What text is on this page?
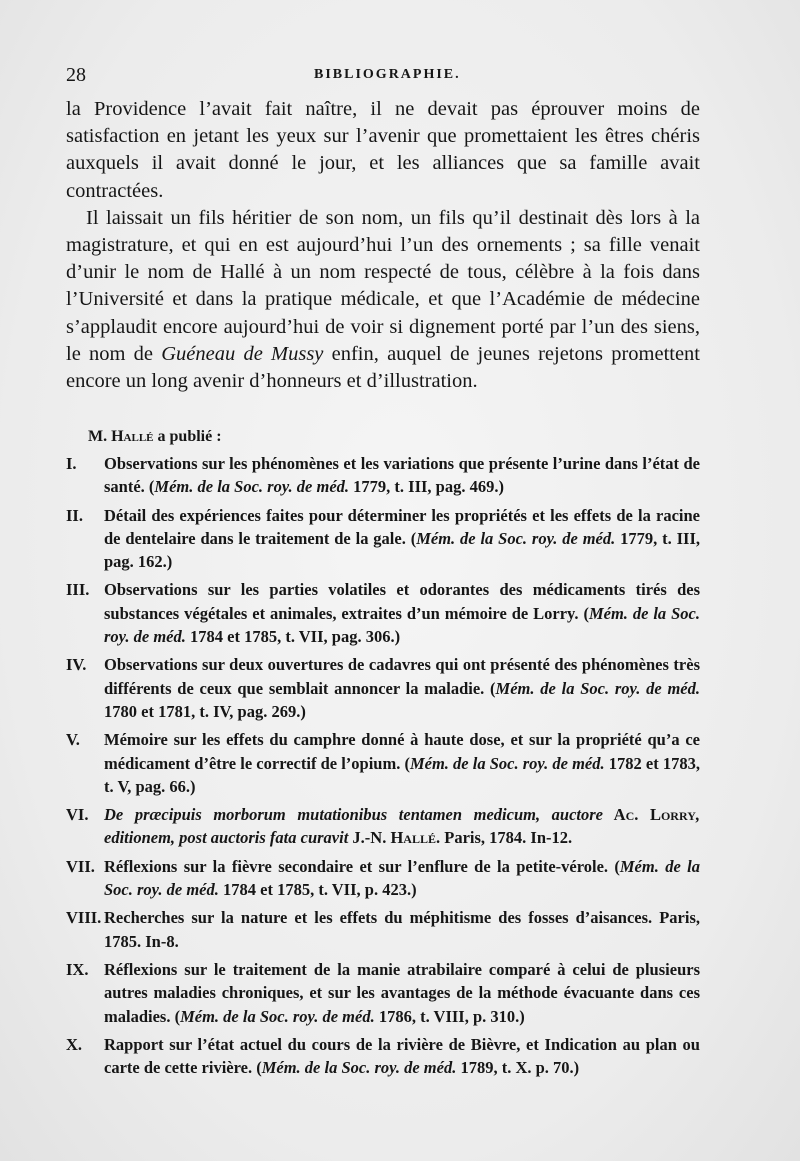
28	BIBLIOGRAPHIE.

la Providence l’avait fait naître, il ne devait pas éprouver moins de satisfaction en jetant les yeux sur l’avenir que promettaient les êtres chéris auxquels il avait donné le jour, et les alliances que sa famille avait contractées.

Il laissait un fils héritier de son nom, un fils qu’il destinait dès lors à la magistrature, et qui en est aujourd’hui l’un des ornements ; sa fille venait d’unir le nom de Hallé à un nom respecté de tous, célèbre à la fois dans l’Université et dans la pratique médicale, et que l’Académie de médecine s’applaudit encore aujourd’hui de voir si dignement porté par l’un des siens, le nom de Guéneau de Mussy enfin, auquel de jeunes rejetons promettent encore un long avenir d’honneurs et d’illustration.

M. Hallé a publié :
I.	Observations sur les phénomènes et les variations que présente l’urine dans l’état de santé. (Mém. de la Soc. roy. de méd. 1779, t. III, pag. 469.)
II.	Détail des expériences faites pour déterminer les propriétés et les effets de la racine de dentelaire dans le traitement de la gale. (Mém. de la Soc. roy. de méd. 1779, t. III, pag. 162.)
III. Observations sur les parties volatiles et odorantes des médicaments tirés des substances végétales et animales, extraites d’un mémoire de Lorry. (Mém. de la Soc. roy. de méd. 1784 et 1785, t. VII, pag. 306.)
IV.	Observations sur deux ouvertures de cadavres qui ont présenté des phénomènes très différents de ceux que semblait annoncer la maladie. (Mém. de la Soc. roy. de méd. 1780 et 1781, t. IV, pag. 269.)
V.	Mémoire sur les effets du camphre donné à haute dose, et sur la propriété qu’a ce médicament d’être le correctif de l’opium. (Mém. de la Soc. roy. de méd. 1782 et 1783, t. V, pag. 66.)
VI. De præcipuis morborum mutationibus tentamen medicum, auctore Ac. Lorry, editionem, post auctoris fata curavit J.-N. Hallé. Paris, 1784. In-12.
VII. Réflexions sur la fièvre secondaire et sur l’enflure de la petite-vérole. (Mém. de la Soc. roy. de méd. 1784 et 1785, t. VII, p. 423.)
VIII. Recherches sur la nature et les effets du méphitisme des fosses d’aisances. Paris, 1785. In-8.
IX. Réflexions sur le traitement de la manie atrabilaire comparé à celui de plusieurs autres maladies chroniques, et sur les avantages de la méthode évacuante dans ces maladies. (Mém. de la Soc. roy. de méd. 1786, t. VIII, p. 310.)
X.	Rapport sur l’état actuel du cours de la rivière de Bièvre, et Indication au plan ou carte de cette rivière. (Mém. de la Soc. roy. de méd. 1789, t. X. p. 70.)
